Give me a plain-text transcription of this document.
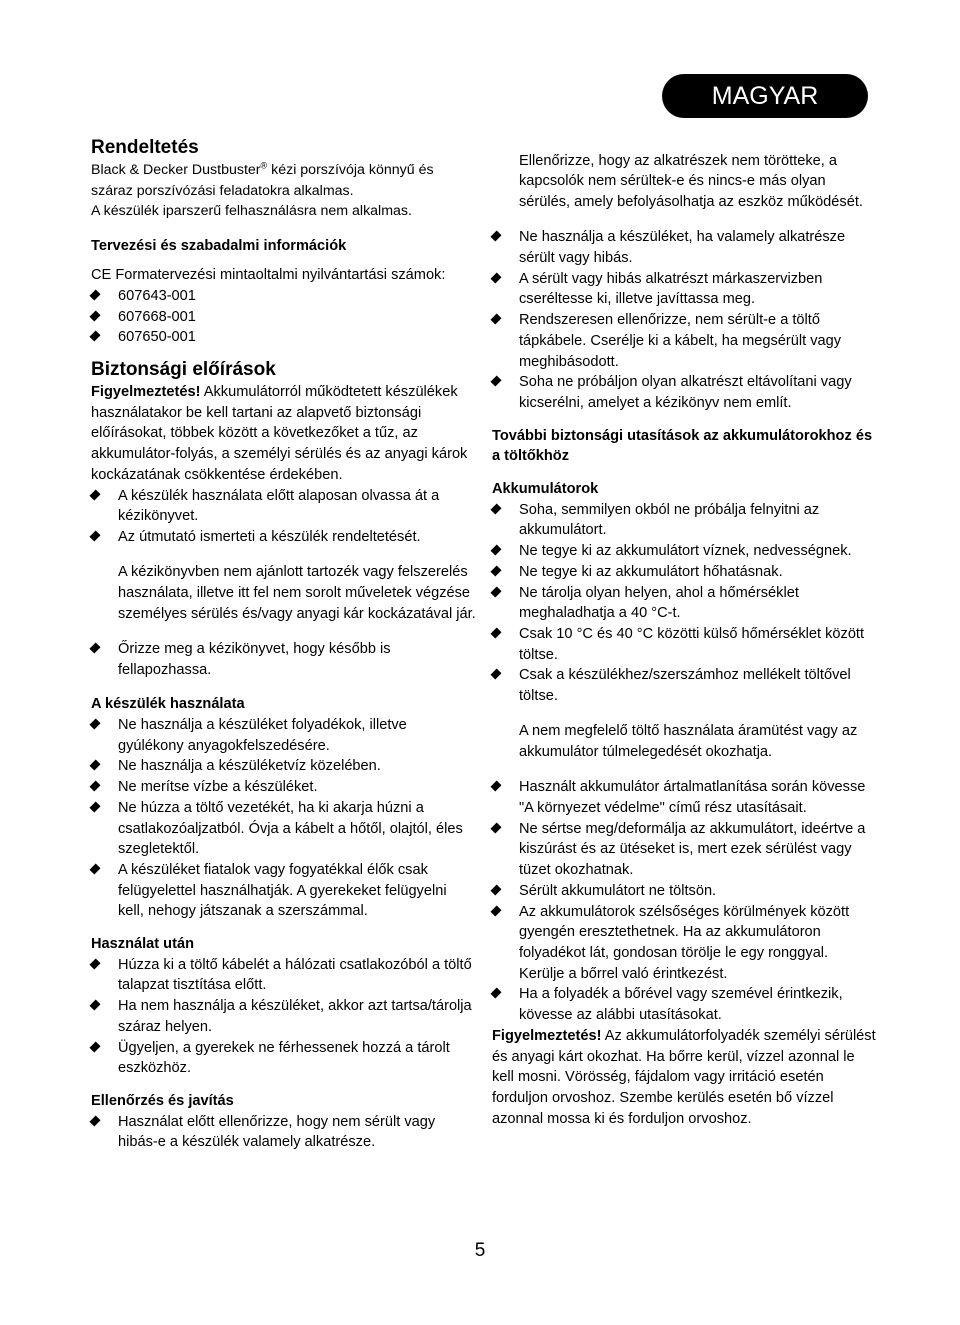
MAGYAR
Rendeltetés

Black & Decker Dustbuster® kézi porszívója könnyű és száraz porszívózási feladatokra alkalmas.
A készülék iparszerű felhasználásra nem alkalmas.

Tervezési és szabadalmi információk

CE Formatervezési mintaoltalmi nyilvántartási számok:

607643-001
607668-001
607650-001
Biztonsági előírások

Figyelmeztetés! Akkumulátorról működtetett készülékek használatakor be kell tartani az alapvető biztonsági előírásokat, többek között a következőket a tűz, az akkumulátor-folyás, a személyi sérülés és az anyagi károk kockázatának csökkentése érdekében.

A készülék használata előtt alaposan olvassa át a kézikönyvet.
Az útmutató ismerteti a készülék rendeltetését.

A kézikönyvben nem ajánlott tartozék vagy felszerelés használata, illetve itt fel nem sorolt műveletek végzése személyes sérülés és/vagy anyagi kár kockázatával jár.

Őrizze meg a kézikönyvet, hogy később is fellapozhassa.

A készülék használata

Ne használja a készüléket folyadékok, illetve gyúlékony anyagokfelszedésére.
Ne használja a készüléketvíz közelében.
Ne merítse vízbe a készüléket.
Ne húzza a töltő vezetékét, ha ki akarja húzni a csatlakozóaljzatból. Óvja a kábelt a hőtől, olajtól, éles szegletektől.
A készüléket fiatalok vagy fogyatékkal élők csak felügyelettel használhatják. A gyerekeket felügyelni kell, nehogy játszanak a szerszámmal.

Használat után

Húzza ki a töltő kábelét a hálózati csatlakozóból a töltő talapzat tisztítása előtt.
Ha nem használja a készüléket, akkor azt tartsa/tárolja száraz helyen.
Ügyeljen, a gyerekek ne férhessenek hozzá a tárolt eszközhöz.

Ellenőrzés és javítás

Használat előtt ellenőrizze, hogy nem sérült vagy hibás-e a készülék valamely alkatrésze.

Ellenőrizze, hogy az alkatrészek nem törötteke, a kapcsolók nem sérültek-e és nincs-e más olyan sérülés, amely befolyásolhatja az eszköz működését.

Ne használja a készüléket, ha valamely alkatrésze sérült vagy hibás.
A sérült vagy hibás alkatrészt márkaszervizben cseréltesse ki, illetve javíttassa meg.
Rendszeresen ellenőrizze, nem sérült-e a töltő tápkábele. Cserélje ki a kábelt, ha megsérült vagy meghibásodott.
Soha ne próbáljon olyan alkatrészt eltávolítani vagy kicserélni, amelyet a kézikönyv nem említ.

További biztonsági utasítások az akkumulátorokhoz és a töltőkhöz

Akkumulátorok

Soha, semmilyen okból ne próbálja felnyitni az akkumulátort.
Ne tegye ki az akkumulátort víznek, nedvességnek.
Ne tegye ki az akkumulátort hőhatásnak.
Ne tárolja olyan helyen, ahol a hőmérséklet meghaladhatja a 40 °C-t.
Csak 10 °C és 40 °C közötti külső hőmérséklet között töltse.
Csak a készülékhez/szerszámhoz mellékelt töltővel töltse.

A nem megfelelő töltő használata áramütést vagy az akkumulátor túlmelegedését okozhatja.

Használt akkumulátor ártalmatlanítása során kövesse "A környezet védelme" című rész utasításait.
Ne sértse meg/deformálja az akkumulátort, ideértve a kiszúrást és az ütéseket is, mert ezek sérülést vagy tüzet okozhatnak.
Sérült akkumulátort ne töltsön.
Az akkumulátorok szélsőséges körülmények között gyengén eresztethetnek. Ha az akkumulátoron folyadékot lát, gondosan törölje le egy ronggyal. Kerülje a bőrrel való érintkezést.
Ha a folyadék a bőrével vagy szemével érintkezik, kövesse az alábbi utasításokat.

Figyelmeztetés! Az akkumulátorfolyadék személyi sérülést és anyagi kárt okozhat. Ha bőrre kerül, vízzel azonnal le kell mosni. Vörösség, fájdalom vagy irritáció esetén forduljon orvoshoz. Szembe kerülés esetén bő vízzel azonnal mossa ki és forduljon orvoshoz.

5
